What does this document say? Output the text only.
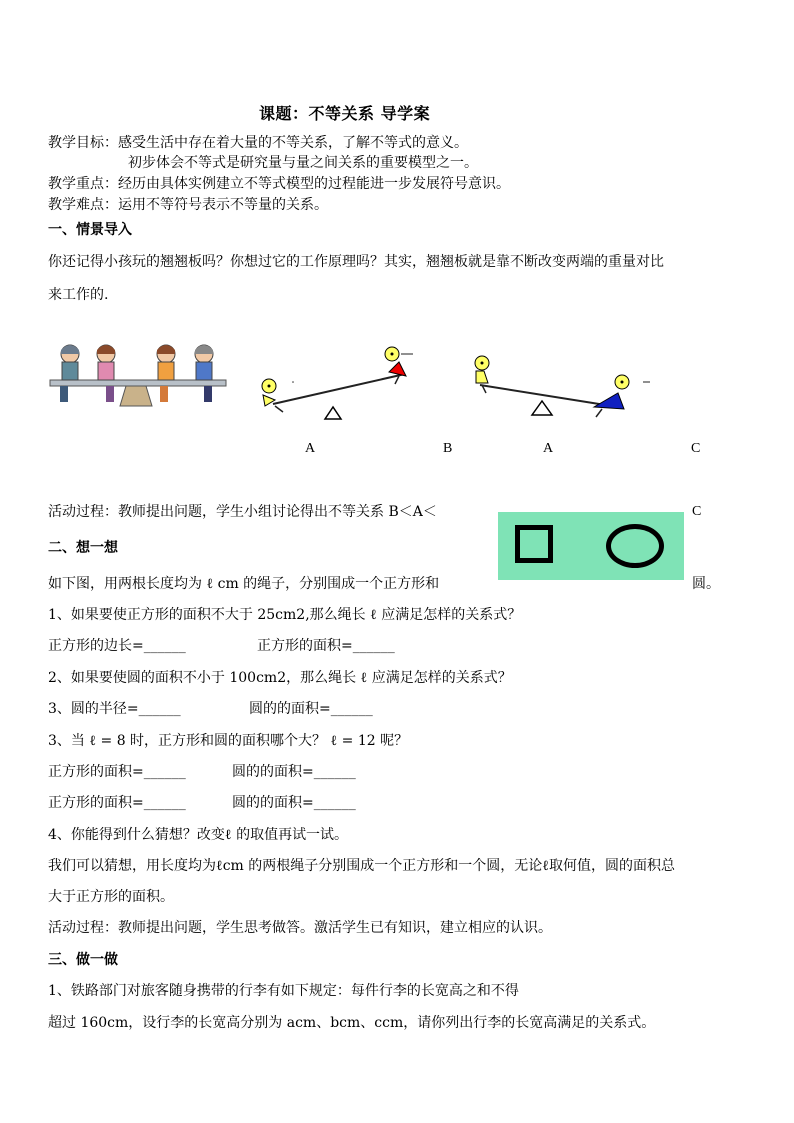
课题：不等关系 导学案
教学目标：感受生活中存在着大量的不等关系，了解不等式的意义。
初步体会不等式是研究量与量之间关系的重要模型之一。
教学重点：经历由具体实例建立不等式模型的过程能进一步发展符号意识。
教学难点：运用不等符号表示不等量的关系。
一、情景导入
你还记得小孩玩的翘翘板吗？你想过它的工作原理吗？其实，翘翘板就是靠不断改变两端的重量对比
来工作的.
A	B	A	C
活动过程：教师提出问题，学生小组讨论得出不等关系 B＜A＜	C
二、想一想
如下图，用两根长度均为 ℓ cm 的绳子，分别围成一个正方形和	圆。
1、如果要使正方形的面积不大于 25cm2,那么绳长 ℓ 应满足怎样的关系式？
正方形的边长=______	正方形的面积=______
2、如果要使圆的面积不小于 100cm2，那么绳长 ℓ 应满足怎样的关系式？
3、圆的半径=______	圆的的面积=______
3、当 ℓ = 8 时，正方形和圆的面积哪个大？ ℓ = 12 呢？
正方形的面积=______	圆的的面积=______
正方形的面积=______	圆的的面积=______
4、你能得到什么猜想？改变ℓ 的取值再试一试。
我们可以猜想，用长度均为ℓcm 的两根绳子分别围成一个正方形和一个圆，无论ℓ取何值，圆的面积总
大于正方形的面积。
活动过程：教师提出问题，学生思考做答。激活学生已有知识，建立相应的认识。
三、做一做
1、铁路部门对旅客随身携带的行李有如下规定：每件行李的长宽高之和不得
超过 160cm，设行李的长宽高分别为 acm、bcm、ccm，请你列出行李的长宽高满足的关系式。
